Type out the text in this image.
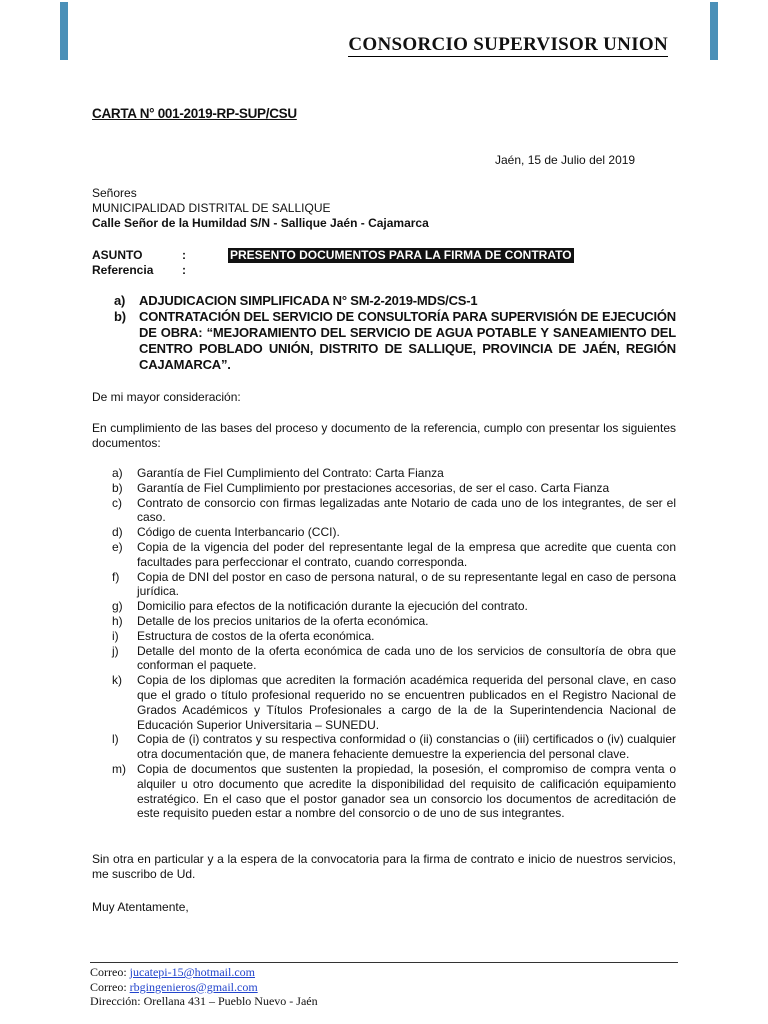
CONSORCIO SUPERVISOR UNION
CARTA N° 001-2019-RP-SUP/CSU
Jaén, 15 de Julio del 2019
Señores
MUNICIPALIDAD DISTRITAL DE SALLIQUE
Calle Señor de la Humildad S/N - Sallique Jaén - Cajamarca
ASUNTO	:	PRESENTO DOCUMENTOS PARA LA FIRMA DE CONTRATO
Referencia	:
a)	ADJUDICACION SIMPLIFICADA N° SM-2-2019-MDS/CS-1
b)	CONTRATACIÓN DEL SERVICIO DE CONSULTORÍA PARA SUPERVISIÓN DE EJECUCIÓN DE OBRA: “MEJORAMIENTO DEL SERVICIO DE AGUA POTABLE Y SANEAMIENTO DEL CENTRO POBLADO UNIÓN, DISTRITO DE SALLIQUE, PROVINCIA DE JAÉN, REGIÓN CAJAMARCA”.
De mi mayor consideración:
En cumplimiento de las bases del proceso y documento de la referencia, cumplo con presentar los siguientes documentos:
a)	Garantía de Fiel Cumplimiento del Contrato: Carta Fianza
b)	Garantía de Fiel Cumplimiento por prestaciones accesorias, de ser el caso. Carta Fianza
c)	Contrato de consorcio con firmas legalizadas ante Notario de cada uno de los integrantes, de ser el caso.
d)	Código de cuenta Interbancario (CCI).
e)	Copia de la vigencia del poder del representante legal de la empresa que acredite que cuenta con facultades para perfeccionar el contrato, cuando corresponda.
f)	Copia de DNI del postor en caso de persona natural, o de su representante legal en caso de persona jurídica.
g)	Domicilio para efectos de la notificación durante la ejecución del contrato.
h)	Detalle de los precios unitarios de la oferta económica.
i)	Estructura de costos de la oferta económica.
j)	Detalle del monto de la oferta económica de cada uno de los servicios de consultoría de obra que conforman el paquete.
k)	Copia de los diplomas que acrediten la formación académica requerida del personal clave, en caso que el grado o título profesional requerido no se encuentren publicados en el Registro Nacional de Grados Académicos y Títulos Profesionales a cargo de la de la Superintendencia Nacional de Educación Superior Universitaria – SUNEDU.
l)	Copia de (i) contratos y su respectiva conformidad o (ii) constancias o (iii) certificados o (iv) cualquier otra documentación que, de manera fehaciente demuestre la experiencia del personal clave.
m) Copia de documentos que sustenten la propiedad, la posesión, el compromiso de compra venta o alquiler u otro documento que acredite la disponibilidad del requisito de calificación equipamiento estratégico. En el caso que el postor ganador sea un consorcio los documentos de acreditación de este requisito pueden estar a nombre del consorcio o de uno de sus integrantes.
Sin otra en particular y a la espera de la convocatoria para la firma de contrato e inicio de nuestros servicios, me suscribo de Ud.
Muy Atentamente,
Correo: jucatepi-15@hotmail.com
Correo: rbgingenieros@gmail.com
Dirección: Orellana 431 – Pueblo Nuevo - Jaén
